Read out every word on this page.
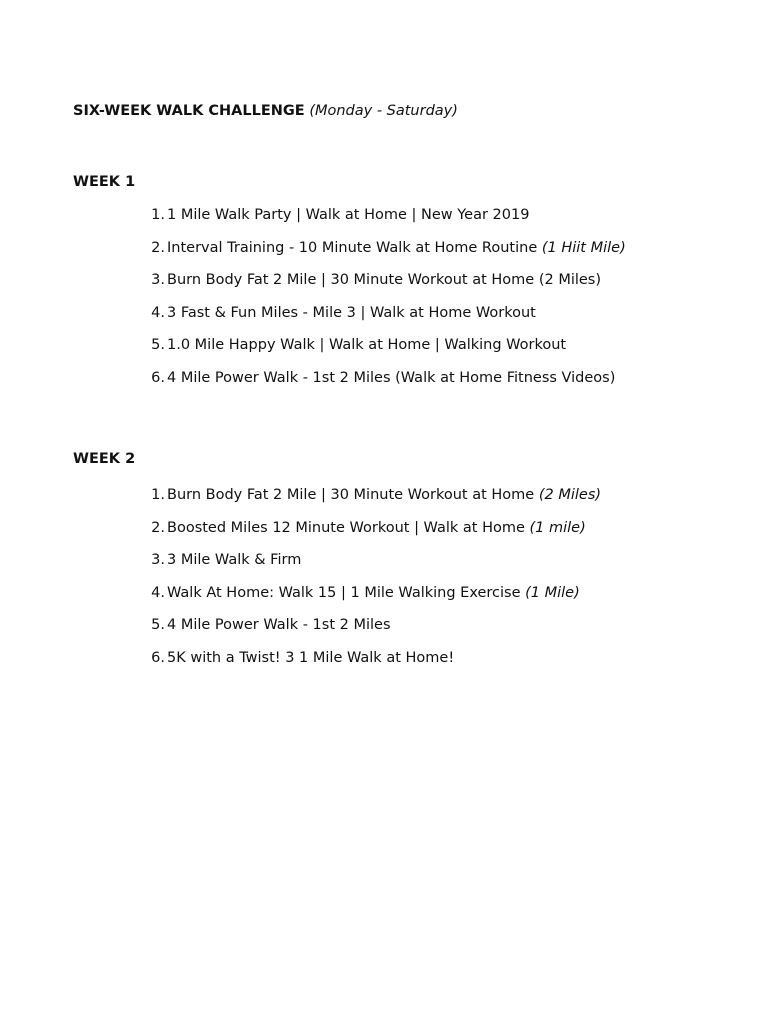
SIX-WEEK WALK CHALLENGE (Monday - Saturday)
WEEK 1
1. 1 Mile Walk Party | Walk at Home | New Year 2019
2. Interval Training - 10 Minute Walk at Home Routine (1 Hiit Mile)
3. Burn Body Fat 2 Mile | 30 Minute Workout at Home (2 Miles)
4. 3 Fast & Fun Miles - Mile 3 | Walk at Home Workout
5. 1.0 Mile Happy Walk | Walk at Home | Walking Workout
6. 4 Mile Power Walk - 1st 2 Miles (Walk at Home Fitness Videos)
WEEK 2
1. Burn Body Fat 2 Mile | 30 Minute Workout at Home (2 Miles)
2. Boosted Miles 12 Minute Workout | Walk at Home (1 mile)
3. 3 Mile Walk & Firm
4. Walk At Home: Walk 15 | 1 Mile Walking Exercise (1 Mile)
5. 4 Mile Power Walk - 1st 2 Miles
6. 5K with a Twist! 3 1 Mile Walk at Home!
